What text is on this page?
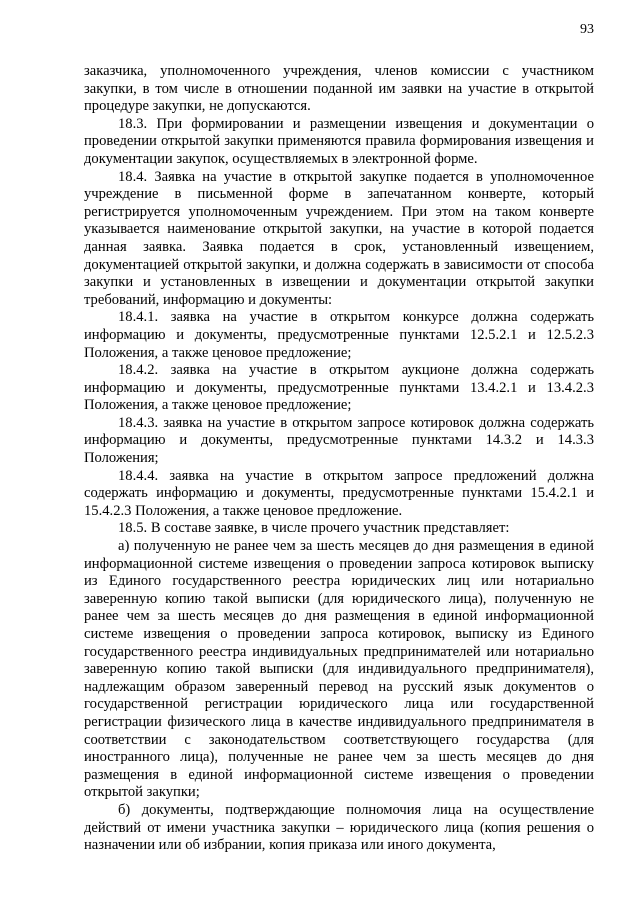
93

заказчика, уполномоченного учреждения, членов комиссии с участником закупки, в том числе в отношении поданной им заявки на участие в открытой процедуре закупки, не допускаются.

18.3. При формировании и размещении извещения и документации о проведении открытой закупки применяются правила формирования извещения и документации закупок, осуществляемых в электронной форме.

18.4. Заявка на участие в открытой закупке подается в уполномоченное учреждение в письменной форме в запечатанном конверте, который регистрируется уполномоченным учреждением. При этом на таком конверте указывается наименование открытой закупки, на участие в которой подается данная заявка. Заявка подается в срок, установленный извещением, документацией открытой закупки, и должна содержать в зависимости от способа закупки и установленных в извещении и документации открытой закупки требований, информацию и документы:

18.4.1. заявка на участие в открытом конкурсе должна содержать информацию и документы, предусмотренные пунктами 12.5.2.1 и 12.5.2.3 Положения, а также ценовое предложение;

18.4.2. заявка на участие в открытом аукционе должна содержать информацию и документы, предусмотренные пунктами 13.4.2.1 и 13.4.2.3 Положения, а также ценовое предложение;

18.4.3. заявка на участие в открытом запросе котировок должна содержать информацию и документы, предусмотренные пунктами 14.3.2 и 14.3.3 Положения;

18.4.4. заявка на участие в открытом запросе предложений должна содержать информацию и документы, предусмотренные пунктами 15.4.2.1 и 15.4.2.3 Положения, а также ценовое предложение.

18.5. В составе заявке, в числе прочего участник представляет:

а) полученную не ранее чем за шесть месяцев до дня размещения в единой информационной системе извещения о проведении запроса котировок выписку из Единого государственного реестра юридических лиц или нотариально заверенную копию такой выписки (для юридического лица), полученную не ранее чем за шесть месяцев до дня размещения в единой информационной системе извещения о проведении запроса котировок, выписку из Единого государственного реестра индивидуальных предпринимателей или нотариально заверенную копию такой выписки (для индивидуального предпринимателя), надлежащим образом заверенный перевод на русский язык документов о государственной регистрации юридического лица или государственной регистрации физического лица в качестве индивидуального предпринимателя в соответствии с законодательством соответствующего государства (для иностранного лица), полученные не ранее чем за шесть месяцев до дня размещения в единой информационной системе извещения о проведении открытой закупки;

б) документы, подтверждающие полномочия лица на осуществление действий от имени участника закупки – юридического лица (копия решения о назначении или об избрании, копия приказа или иного документа,
